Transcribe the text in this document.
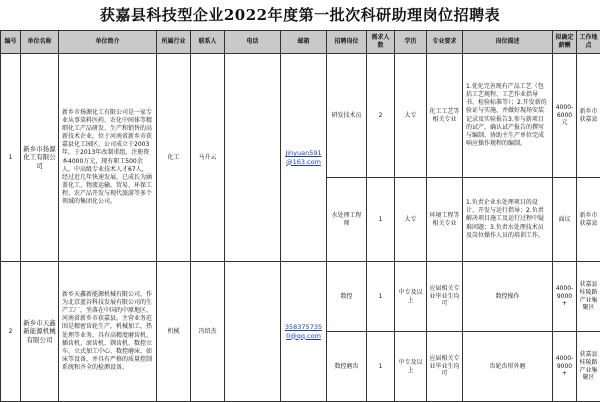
获嘉县科技型企业2022年度第一批次科研助理岗位招聘表
编号	单位名称	单位简介	所属行业	联系人	电话	邮箱	招聘岗位	需求人数	学历	专业要求	岗位描述	拟确定薪酬	工作地点
1	新乡市扬源化工有限公司	新乡市扬源化工有限公司是一家专业从事染料医药、农化中间体等精细化工产品研发、生产和销售的高新技术企业，位于河南省新乡市获嘉县化工园区，公司成立于2003年，于2013年改制重组，注册资本4000万元，现有职工500余人，中高级专业技术人才67人，经过近几年快速发展，已成长为涵盖化工、物流运输、贸易、环保工程、农产品开发与现代旅游等多个领域的集团化公司。	化工	马升云		Jinyuan591@163.com	研发技术员	2	大专	化工工艺等相关专业	1.优化完善现有产品工艺（包括工艺规程、工艺作业指导书、检验标准等）；2.开发新的验证与实施，并做好現场安装记录及实验报告3.参与新项目的试产，确认试产报告的撰写与编制、协助主生产单位完成响应操作规程的编制。	4000-6000元	新乡市获嘉县
							水处理工程师	1	大专	环境工程等相关专业	1.负责企业水处理项目的设计、开发与运行指导；2.负责解决项目施工及运行过程中疑难问题；3.负责水处理技术员及岗位操作人员的培训工作。	面议	新乡市获嘉县
2	新乡市天鑫新能源机械有限公司	新乡天鑫新能源机械有限公司，作为北京蓝谷科技发展有限公司的生产工厂，坐落在中国的中原地区，河南省新乡市获嘉县。主营业务范围是精密齿轮生产，机械加工，热处理等业务，具有高精度磨齿机、插齿机、滚齿机、剃齿机、数控立车，立式加工中心、数控磨床、如床等设备，并具有严格的质量控制系统和齐全的检测设备。	机械	冯绍杰		3583757350@qq.com	数控	1	中专及以上	应届相关专业毕业生均可	数控操作	4000-9000+	获嘉县桂陵路产业集聚区
							数控磨齿	1	中专及以上	应届相关专业毕业生均可	齿轮齿形外磨	4000-9000+	获嘉县桂陵路产业集聚区
